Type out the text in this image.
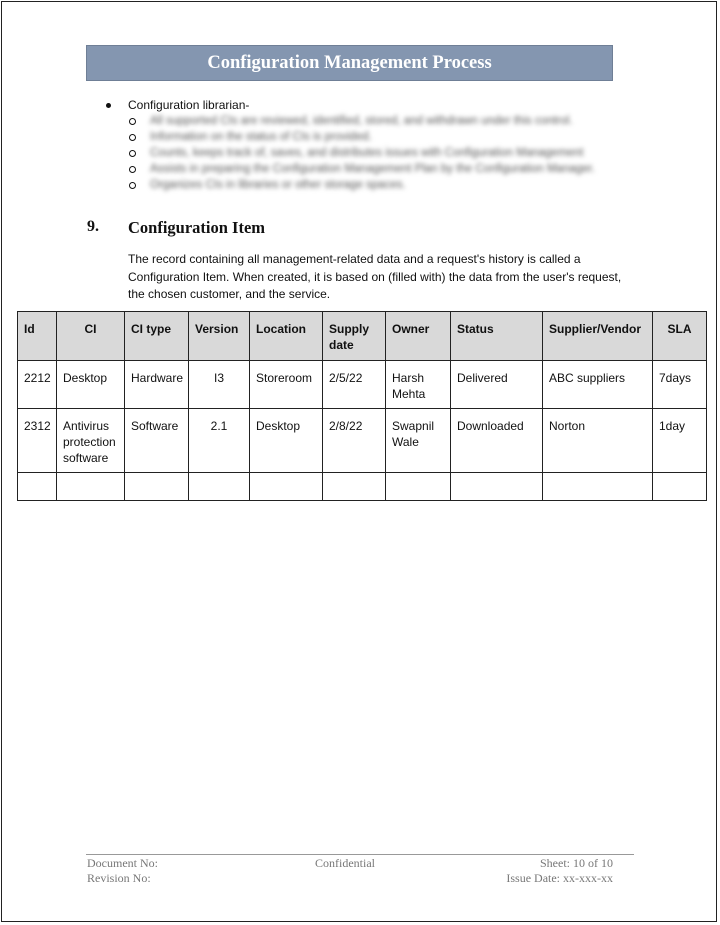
Configuration Management Process
Configuration librarian-
All supported CIs are reviewed, identified, stored, and withdrawn under this control.
Information on the status of CIs is provided.
Counts, keeps track of, saves, and distributes issues with Configuration Management
Assists in preparing the Configuration Management Plan by the Configuration Manager.
Organizes CIs in libraries or other storage spaces.
9. Configuration Item
The record containing all management-related data and a request's history is called a Configuration Item. When created, it is based on (filled with) the data from the user's request, the chosen customer, and the service.
Id	CI	CI type	Version	Location	Supply date	Owner	Status	Supplier/Vendor	SLA
2212	Desktop	Hardware	I3	Storeroom	2/5/22	Harsh Mehta	Delivered	ABC suppliers	7days
2312	Antivirus protection software	Software	2.1	Desktop	2/8/22	Swapnil Wale	Downloaded	Norton	1day

Document No:
Revision No:
Confidential	Sheet: 10 of 10
Issue Date: xx-xxx-xx
